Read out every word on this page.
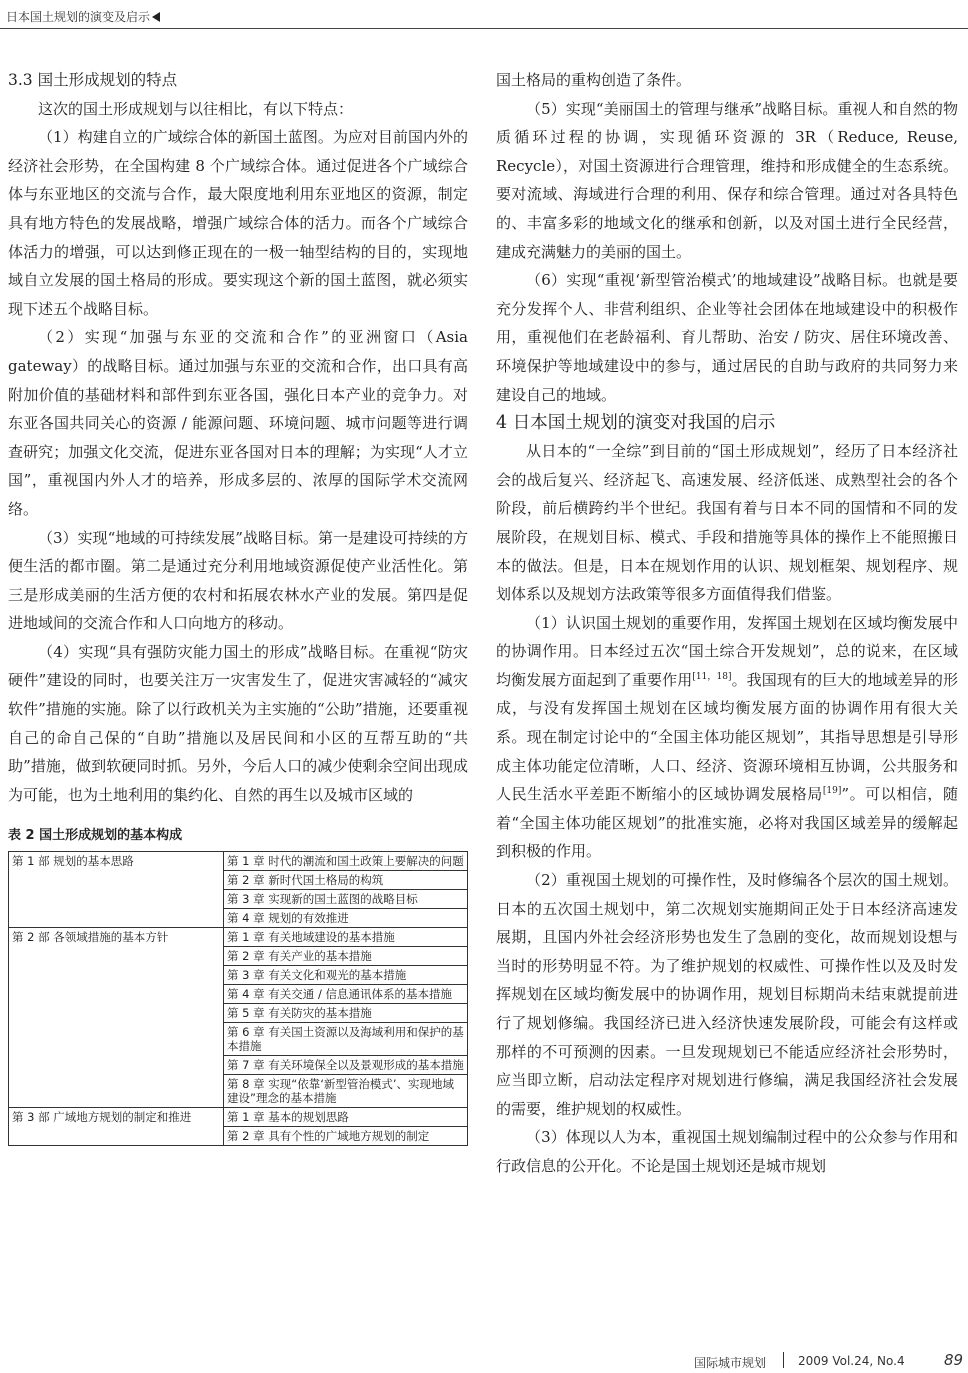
日本国土规划的演变及启示

3.3 国土形成规划的特点

这次的国土形成规划与以往相比，有以下特点：

（1）构建自立的广域综合体的新国土蓝图。为应对目前国内外的经济社会形势，在全国构建 8 个广域综合体。通过促进各个广域综合体与东亚地区的交流与合作，最大限度地利用东亚地区的资源，制定具有地方特色的发展战略，增强广域综合体的活力。而各个广域综合体活力的增强，可以达到修正现在的一极一轴型结构的目的，实现地域自立发展的国土格局的形成。要实现这个新的国土蓝图，就必须实现下述五个战略目标。

（2）实现“加强与东亚的交流和合作”的亚洲窗口（Asia gateway）的战略目标。通过加强与东亚的交流和合作，出口具有高附加价值的基础材料和部件到东亚各国，强化日本产业的竞争力。对东亚各国共同关心的资源 / 能源问题、环境问题、城市问题等进行调查研究；加强文化交流，促进东亚各国对日本的理解；为实现“人才立国”，重视国内外人才的培养，形成多层的、浓厚的国际学术交流网络。

（3）实现“地域的可持续发展”战略目标。第一是建设可持续的方便生活的都市圈。第二是通过充分利用地域资源促使产业活性化。第三是形成美丽的生活方便的农村和拓展农林水产业的发展。第四是促进地域间的交流合作和人口向地方的移动。

（4）实现“具有强防灾能力国土的形成”战略目标。在重视“防灾硬件”建设的同时，也要关注万一灾害发生了，促进灾害减轻的“减灾软件”措施的实施。除了以行政机关为主实施的“公助”措施，还要重视自己的命自己保的“自助”措施以及居民间和小区的互帮互助的“共助”措施，做到软硬同时抓。另外，今后人口的减少使剩余空间出现成为可能，也为土地利用的集约化、自然的再生以及城市区域的

表 2 国土形成规划的基本构成
第 1 部 规划的基本思路	第 1 章 时代的潮流和国土政策上要解决的问题
	第 2 章 新时代国土格局的构筑
	第 3 章 实现新的国土蓝图的战略目标
	第 4 章 规划的有效推进
第 2 部 各领域措施的基本方针	第 1 章 有关地域建设的基本措施
	第 2 章 有关产业的基本措施
	第 3 章 有关文化和观光的基本措施
	第 4 章 有关交通 / 信息通讯体系的基本措施
	第 5 章 有关防灾的基本措施
	第 6 章 有关国土资源以及海域利用和保护的基本措施
	第 7 章 有关环境保全以及景观形成的基本措施
	第 8 章 实现“依靠‘新型管治模式’、实现地域建设”理念的基本措施
第 3 部 广域地方规划的制定和推进	第 1 章 基本的规划思路
	第 2 章 具有个性的广域地方规划的制定

国土格局的重构创造了条件。

（5）实现“美丽国土的管理与继承”战略目标。重视人和自然的物质循环过程的协调，实现循环资源的 3R（Reduce, Reuse, Recycle），对国土资源进行合理管理，维持和形成健全的生态系统。要对流域、海域进行合理的利用、保存和综合管理。通过对各具特色的、丰富多彩的地域文化的继承和创新，以及对国土进行全民经营，建成充满魅力的美丽的国土。

（6）实现“重视‘新型管治模式’的地域建设”战略目标。也就是要充分发挥个人、非营利组织、企业等社会团体在地域建设中的积极作用，重视他们在老龄福利、育儿帮助、治安 / 防灾、居住环境改善、环境保护等地域建设中的参与，通过居民的自助与政府的共同努力来建设自己的地域。

4 日本国土规划的演变对我国的启示

从日本的“一全综”到目前的“国土形成规划”，经历了日本经济社会的战后复兴、经济起飞、高速发展、经济低迷、成熟型社会的各个阶段，前后横跨约半个世纪。我国有着与日本不同的国情和不同的发展阶段，在规划目标、模式、手段和措施等具体的操作上不能照搬日本的做法。但是，日本在规划作用的认识、规划框架、规划程序、规划体系以及规划方法政策等很多方面值得我们借鉴。

（1）认识国土规划的重要作用，发挥国土规划在区域均衡发展中的协调作用。日本经过五次“国土综合开发规划”，总的说来，在区域均衡发展方面起到了重要作用[11，18]。我国现有的巨大的地域差异的形成，与没有发挥国土规划在区域均衡发展方面的协调作用有很大关系。现在制定讨论中的“全国主体功能区规划”，其指导思想是引导形成主体功能定位清晰，人口、经济、资源环境相互协调，公共服务和人民生活水平差距不断缩小的区域协调发展格局[19]”。可以相信，随着“全国主体功能区规划”的批准实施，必将对我国区域差异的缓解起到积极的作用。

（2）重视国土规划的可操作性，及时修编各个层次的国土规划。日本的五次国土规划中，第二次规划实施期间正处于日本经济高速发展期，且国内外社会经济形势也发生了急剧的变化，故而规划设想与当时的形势明显不符。为了维护规划的权威性、可操作性以及及时发挥规划在区域均衡发展中的协调作用，规划目标期尚未结束就提前进行了规划修编。我国经济已进入经济快速发展阶段，可能会有这样或那样的不可预测的因素。一旦发现规划已不能适应经济社会形势时，应当即立断，启动法定程序对规划进行修编，满足我国经济社会发展的需要，维护规划的权威性。

（3）体现以人为本，重视国土规划编制过程中的公众参与作用和行政信息的公开化。不论是国土规划还是城市规划

国际城市规划	2009 Vol.24, No.4	89
